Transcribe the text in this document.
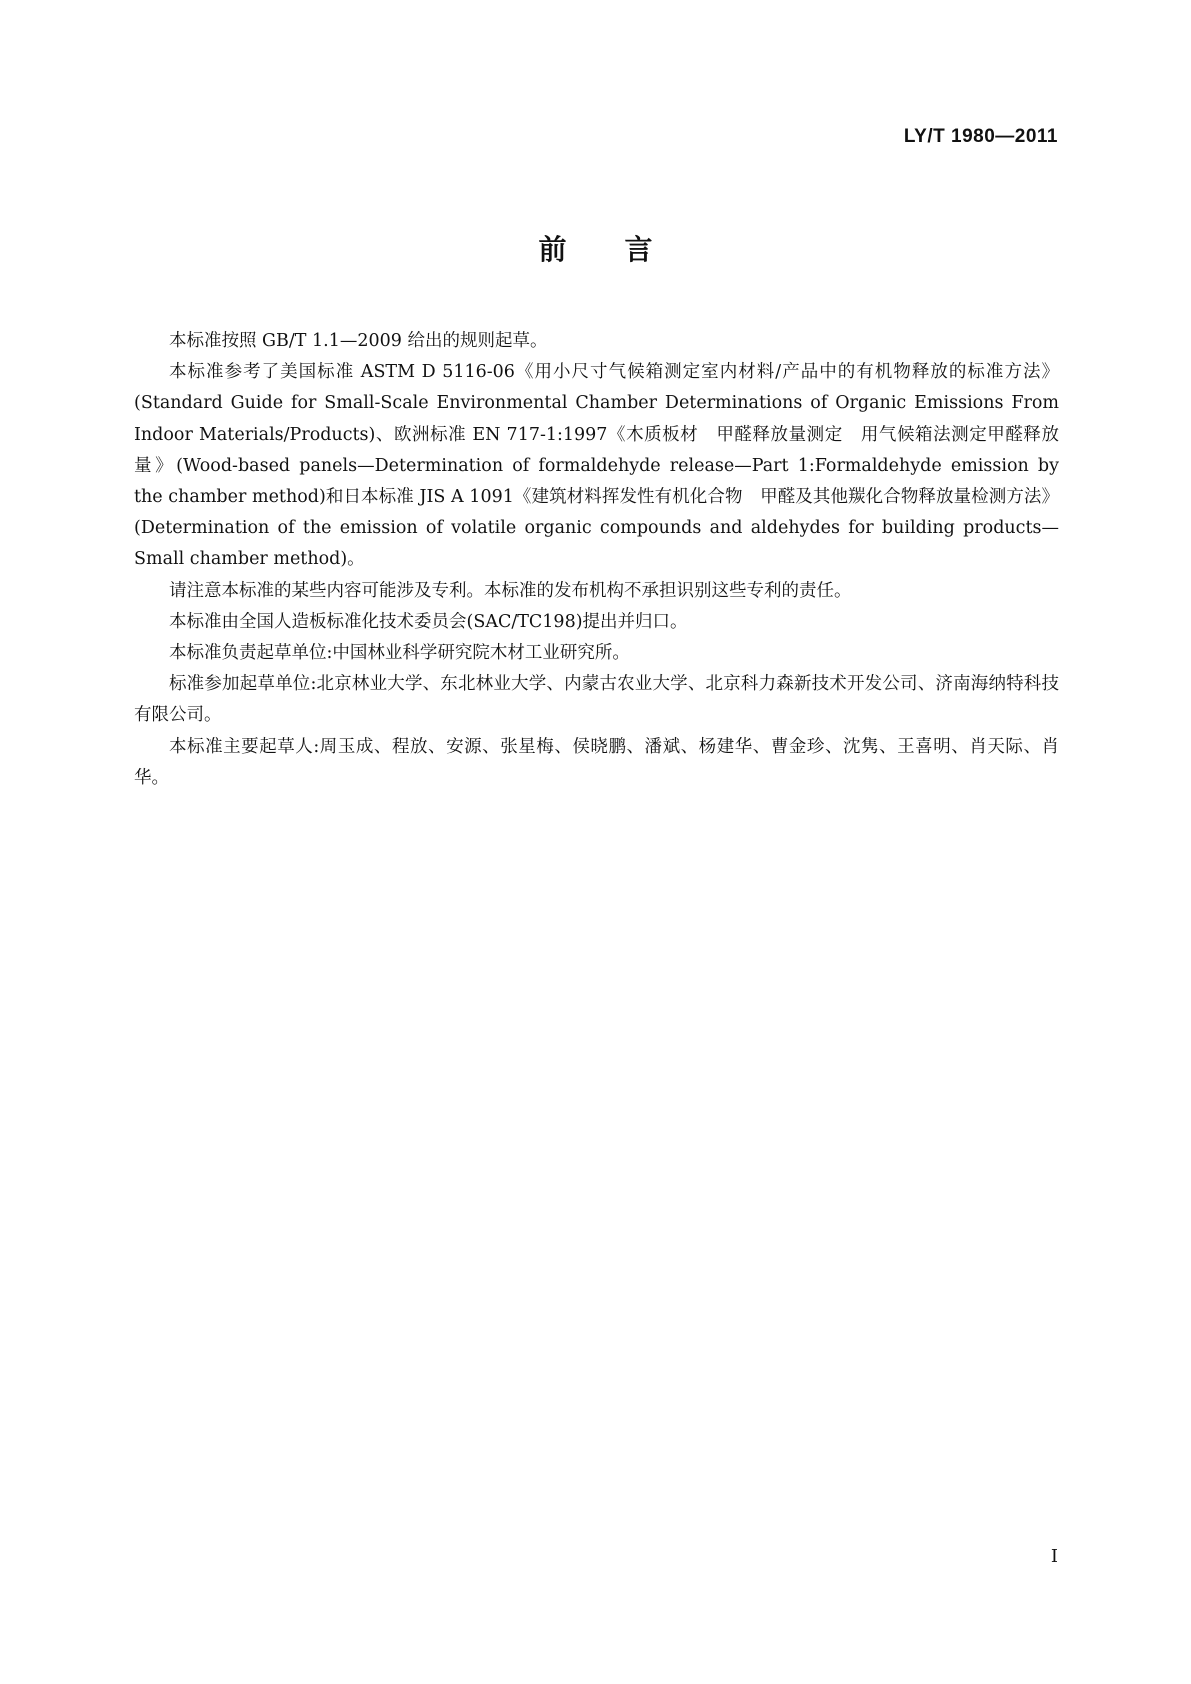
LY/T 1980—2011
前言

本标准按照 GB/T 1.1—2009 给出的规则起草。

本标准参考了美国标准 ASTM D 5116-06《用小尺寸气候箱测定室内材料/产品中的有机物释放的标准方法》(Standard Guide for Small-Scale Environmental Chamber Determinations of Organic Emissions From Indoor Materials/Products)、欧洲标准 EN 717-1:1997《木质板材　甲醛释放量测定　用气候箱法测定甲醛释放量》(Wood-based panels—Determination of formaldehyde release—Part 1:Formaldehyde emission by the chamber method)和日本标准 JIS A 1091《建筑材料挥发性有机化合物　甲醛及其他羰化合物释放量检测方法》(Determination of the emission of volatile organic compounds and aldehydes for building products—Small chamber method)。

请注意本标准的某些内容可能涉及专利。本标准的发布机构不承担识别这些专利的责任。

本标准由全国人造板标准化技术委员会(SAC/TC198)提出并归口。

本标准负责起草单位:中国林业科学研究院木材工业研究所。

标准参加起草单位:北京林业大学、东北林业大学、内蒙古农业大学、北京科力森新技术开发公司、济南海纳特科技有限公司。

本标准主要起草人:周玉成、程放、安源、张星梅、侯晓鹏、潘斌、杨建华、曹金珍、沈隽、王喜明、肖天际、肖华。

I
